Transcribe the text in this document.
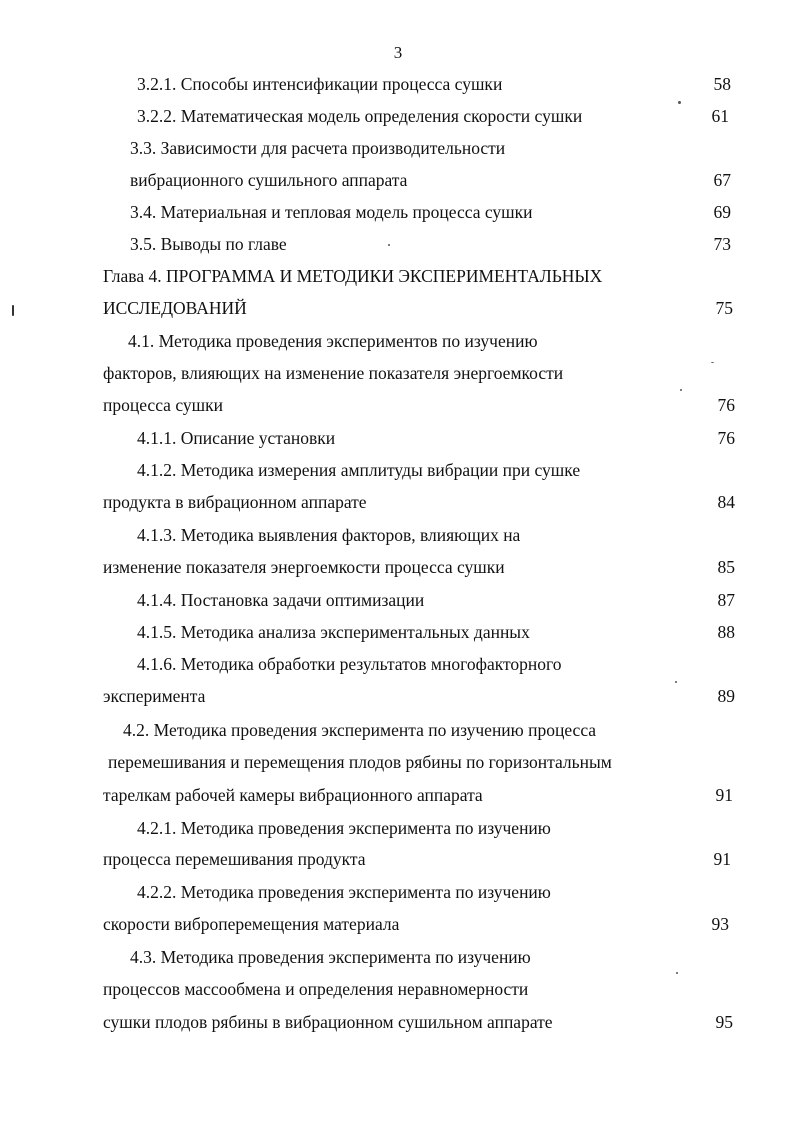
3
3.2.1. Способы интенсификации процесса сушки
3.2.2. Математическая модель определения скорости сушки
3.3. Зависимости для расчета производительности
вибрационного сушильного аппарата
3.4. Материальная и тепловая модель процесса сушки
3.5. Выводы по главе
Глава 4. ПРОГРАММА И МЕТОДИКИ ЭКСПЕРИМЕНТАЛЬНЫХ
ИССЛЕДОВАНИЙ
4.1. Методика проведения экспериментов по изучению
факторов, влияющих на изменение показателя энергоемкости
процесса сушки
4.1.1. Описание установки
4.1.2. Методика измерения амплитуды вибрации при сушке
продукта в вибрационном аппарате
4.1.3. Методика выявления факторов, влияющих на
изменение показателя энергоемкости процесса сушки
4.1.4. Постановка задачи оптимизации
4.1.5. Методика анализа экспериментальных данных
4.1.6. Методика обработки результатов многофакторного
эксперимента
4.2. Методика проведения эксперимента по изучению процесса
перемешивания и перемещения плодов рябины по горизонтальным
тарелкам рабочей камеры вибрационного аппарата
4.2.1. Методика проведения эксперимента по изучению
процесса перемешивания продукта
4.2.2. Методика проведения эксперимента по изучению
скорости виброперемещения материала
4.3. Методика проведения эксперимента по изучению
процессов массообмена и определения неравномерности
сушки плодов рябины в вибрационном сушильном аппарате
58
61
67
69
73
75
76
76
84
85
87
88
89
91
91
93
95
